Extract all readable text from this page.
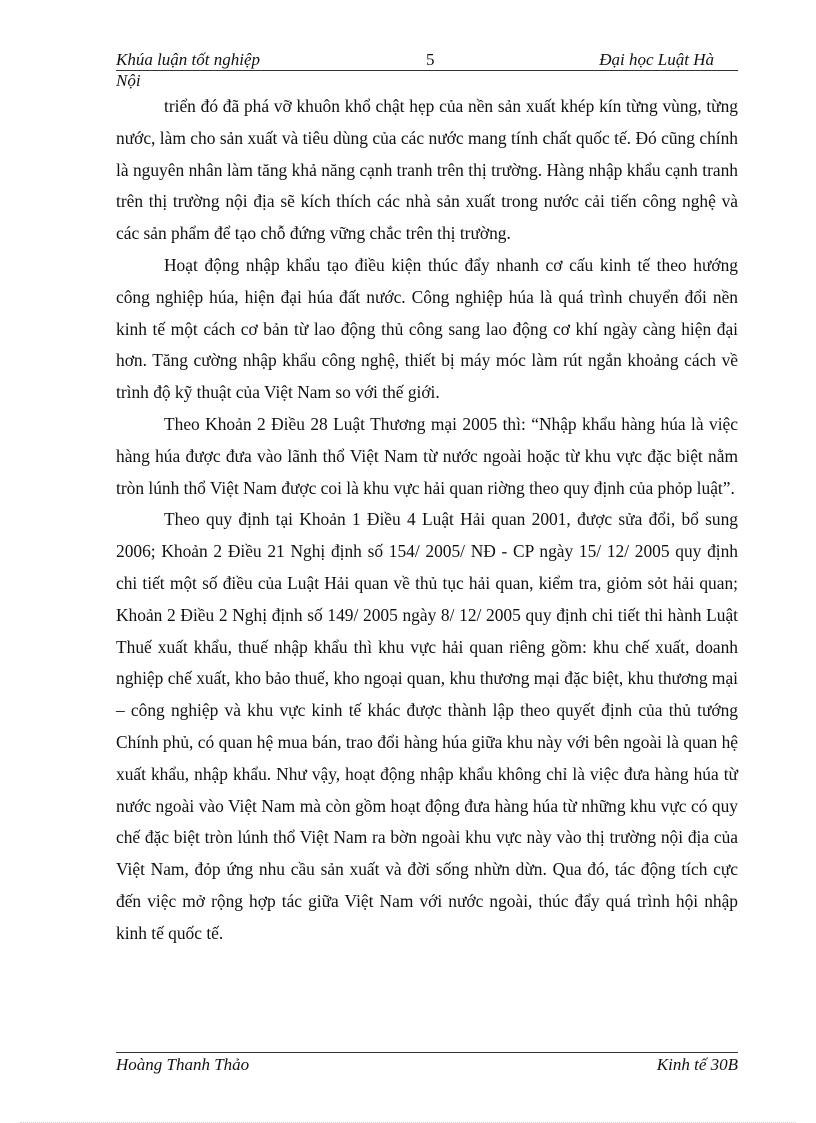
Khúa luận tốt nghiệp	5	Đại học Luật Hà
Nội

triển đó đã phá vỡ khuôn khổ chật hẹp của nền sản xuất khép kín từng vùng, từng nước, làm cho sản xuất và tiêu dùng của các nước mang tính chất quốc tế. Đó cũng chính là nguyên nhân làm tăng khả năng cạnh tranh trên thị trường. Hàng nhập khẩu cạnh tranh trên thị trường nội địa sẽ kích thích các nhà sản xuất trong nước cải tiến công nghệ và các sản phẩm để tạo chỗ đứng vững chắc trên thị trường.

Hoạt động nhập khẩu tạo điều kiện thúc đẩy nhanh cơ cấu kinh tế theo hướng công nghiệp húa, hiện đại húa đất nước. Công nghiệp húa là quá trình chuyển đổi nền kinh tế một cách cơ bản từ lao động thủ công sang lao động cơ khí ngày càng hiện đại hơn. Tăng cường nhập khẩu công nghệ, thiết bị máy móc làm rút ngắn khoảng cách về trình độ kỹ thuật của Việt Nam so với thế giới.

Theo Khoản 2 Điều 28 Luật Thương mại 2005 thì: “Nhập khẩu hàng húa là việc hàng húa được đưa vào lãnh thổ Việt Nam từ nước ngoài hoặc từ khu vực đặc biệt nằm tròn lúnh thổ Việt Nam được coi là khu vực hải quan riờng theo quy định của phỏp luật”.

Theo quy định tại Khoản 1 Điều 4 Luật Hải quan 2001, được sửa đổi, bổ sung 2006; Khoản 2 Điều 21 Nghị định số 154/ 2005/ NĐ - CP ngày 15/ 12/ 2005 quy định chi tiết một số điều của Luật Hải quan về thủ tục hải quan, kiểm tra, giỏm sỏt hải quan; Khoản 2 Điều 2 Nghị định số 149/ 2005 ngày 8/ 12/ 2005 quy định chi tiết thi hành Luật Thuế xuất khẩu, thuế nhập khẩu thì khu vực hải quan riêng gồm: khu chế xuất, doanh nghiệp chế xuất, kho bảo thuế, kho ngoại quan, khu thương mại đặc biệt, khu thương mại – công nghiệp và khu vực kinh tế khác được thành lập theo quyết định của thủ tướng Chính phủ, có quan hệ mua bán, trao đổi hàng húa giữa khu này với bên ngoài là quan hệ xuất khẩu, nhập khẩu. Như vậy, hoạt động nhập khẩu không chỉ là việc đưa hàng húa từ nước ngoài vào Việt Nam mà còn gồm hoạt động đưa hàng húa từ những khu vực có quy chế đặc biệt tròn lúnh thổ Việt Nam ra bờn ngoài khu vực này vào thị trường nội địa của Việt Nam, đỏp ứng nhu cầu sản xuất và đời sống nhừn dừn. Qua đó, tác động tích cực đến việc mở rộng hợp tác giữa Việt Nam với nước ngoài, thúc đẩy quá trình hội nhập kinh tế quốc tế.

Hoàng Thanh Thảo	Kinh tế 30B
